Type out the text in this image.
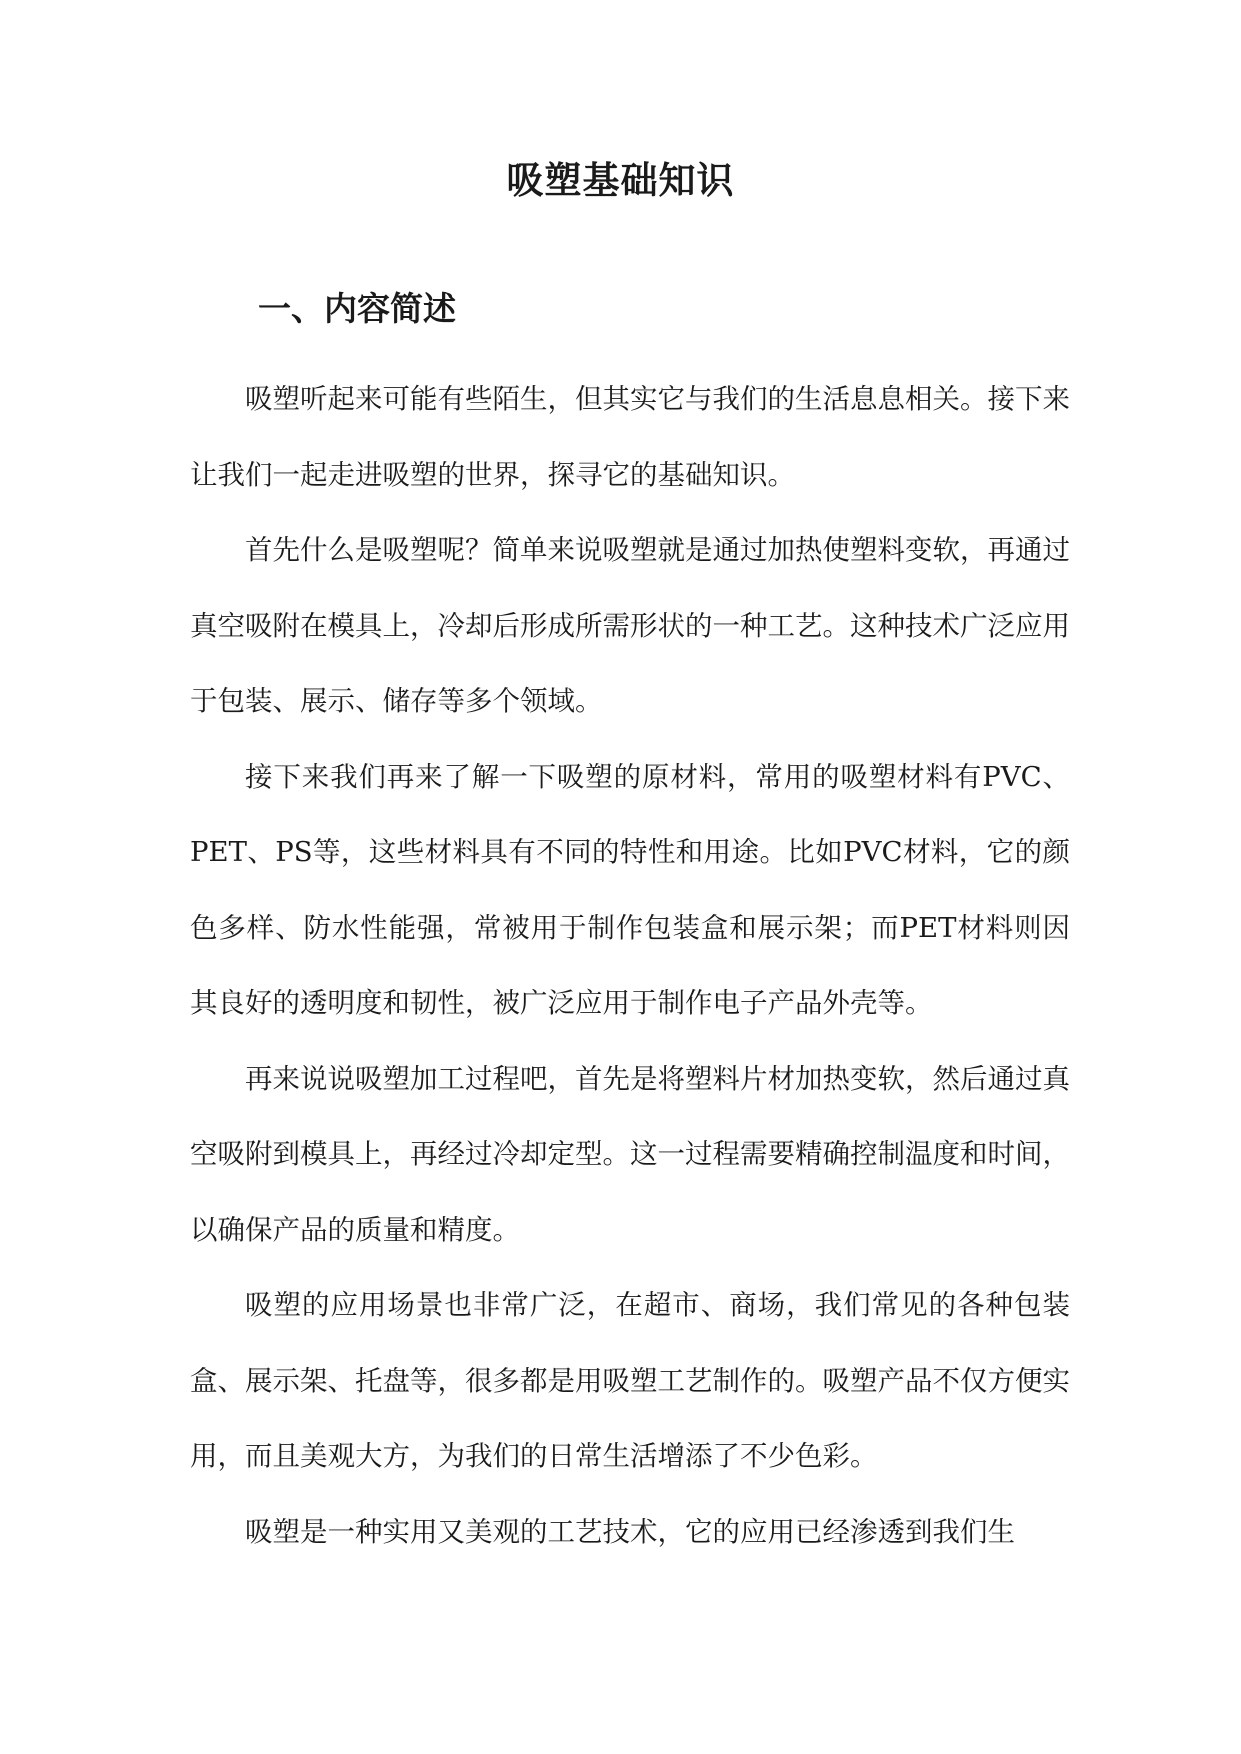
吸塑基础知识
一、内容简述

吸塑听起来可能有些陌生，但其实它与我们的生活息息相关。接下来让我们一起走进吸塑的世界，探寻它的基础知识。

首先什么是吸塑呢？简单来说吸塑就是通过加热使塑料变软，再通过真空吸附在模具上，冷却后形成所需形状的一种工艺。这种技术广泛应用于包装、展示、储存等多个领域。

接下来我们再来了解一下吸塑的原材料，常用的吸塑材料有PVC、PET、PS等，这些材料具有不同的特性和用途。比如PVC材料，它的颜色多样、防水性能强，常被用于制作包装盒和展示架；而PET材料则因其良好的透明度和韧性，被广泛应用于制作电子产品外壳等。

再来说说吸塑加工过程吧，首先是将塑料片材加热变软，然后通过真空吸附到模具上，再经过冷却定型。这一过程需要精确控制温度和时间，以确保产品的质量和精度。

吸塑的应用场景也非常广泛，在超市、商场，我们常见的各种包装盒、展示架、托盘等，很多都是用吸塑工艺制作的。吸塑产品不仅方便实用，而且美观大方，为我们的日常生活增添了不少色彩。

吸塑是一种实用又美观的工艺技术，它的应用已经渗透到我们生
